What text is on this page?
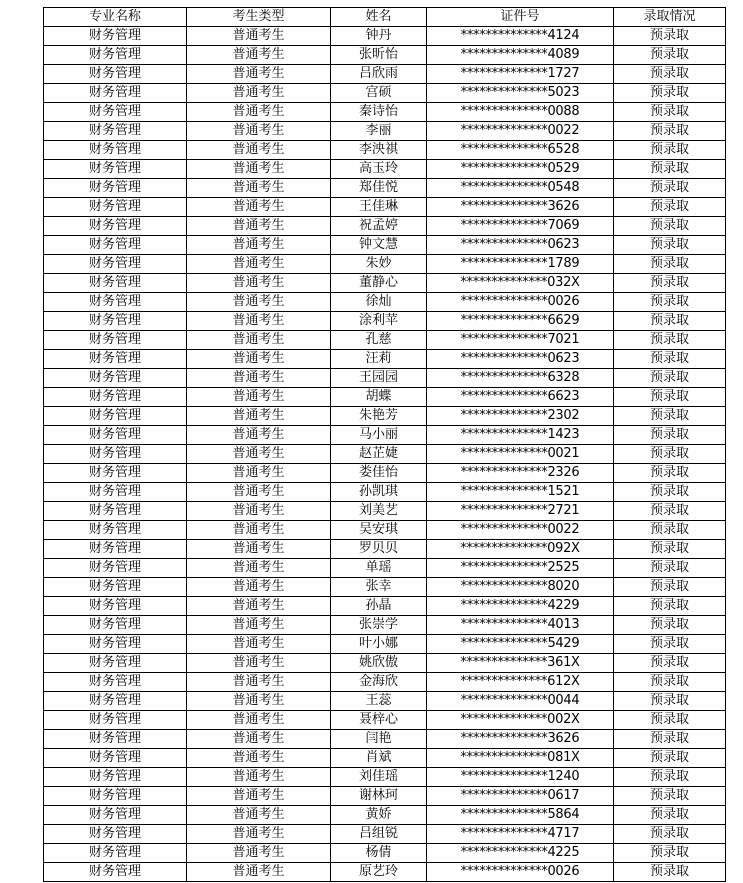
专业名称	考生类型	姓名	证件号	录取情况
财务管理	普通考生	钟丹	**************4124	预录取
财务管理	普通考生	张昕怡	**************4089	预录取
财务管理	普通考生	吕欣雨	**************1727	预录取
财务管理	普通考生	宫硕	**************5023	预录取
财务管理	普通考生	秦诗怡	**************0088	预录取
财务管理	普通考生	李丽	**************0022	预录取
财务管理	普通考生	李泱祺	**************6528	预录取
财务管理	普通考生	高玉玲	**************0529	预录取
财务管理	普通考生	郑佳悦	**************0548	预录取
财务管理	普通考生	王佳琳	**************3626	预录取
财务管理	普通考生	祝孟婷	**************7069	预录取
财务管理	普通考生	钟文慧	**************0623	预录取
财务管理	普通考生	朱妙	**************1789	预录取
财务管理	普通考生	董静心	**************032X	预录取
财务管理	普通考生	徐灿	**************0026	预录取
财务管理	普通考生	涂利苹	**************6629	预录取
财务管理	普通考生	孔慈	**************7021	预录取
财务管理	普通考生	汪莉	**************0623	预录取
财务管理	普通考生	王园园	**************6328	预录取
财务管理	普通考生	胡蝶	**************6623	预录取
财务管理	普通考生	朱艳芳	**************2302	预录取
财务管理	普通考生	马小丽	**************1423	预录取
财务管理	普通考生	赵芷婕	**************0021	预录取
财务管理	普通考生	娄佳怡	**************2326	预录取
财务管理	普通考生	孙凯琪	**************1521	预录取
财务管理	普通考生	刘美艺	**************2721	预录取
财务管理	普通考生	吴安琪	**************0022	预录取
财务管理	普通考生	罗贝贝	**************092X	预录取
财务管理	普通考生	单瑶	**************2525	预录取
财务管理	普通考生	张幸	**************8020	预录取
财务管理	普通考生	孙晶	**************4229	预录取
财务管理	普通考生	张崇学	**************4013	预录取
财务管理	普通考生	叶小娜	**************5429	预录取
财务管理	普通考生	姚欣傲	**************361X	预录取
财务管理	普通考生	金海欣	**************612X	预录取
财务管理	普通考生	王蕊	**************0044	预录取
财务管理	普通考生	聂梓心	**************002X	预录取
财务管理	普通考生	闫艳	**************3626	预录取
财务管理	普通考生	肖斌	**************081X	预录取
财务管理	普通考生	刘佳瑶	**************1240	预录取
财务管理	普通考生	谢林珂	**************0617	预录取
财务管理	普通考生	黄娇	**************5864	预录取
财务管理	普通考生	吕组锐	**************4717	预录取
财务管理	普通考生	杨倩	**************4225	预录取
财务管理	普通考生	原艺玲	**************0026	预录取
